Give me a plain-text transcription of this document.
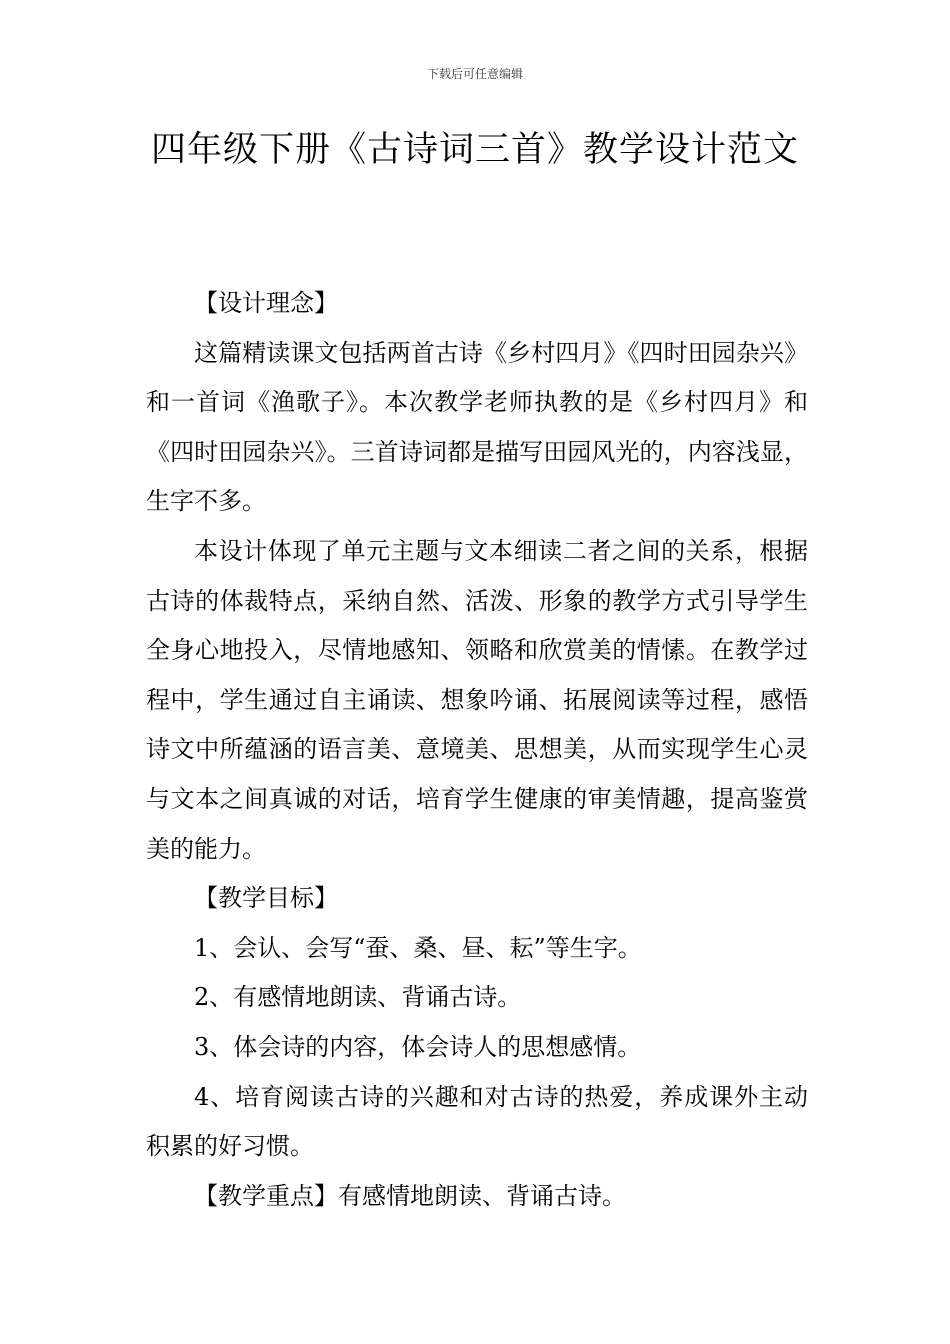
下载后可任意编辑
四年级下册《古诗词三首》教学设计范文

【设计理念】

这篇精读课文包括两首古诗《乡村四月》《四时田园杂兴》和一首词《渔歌子》。本次教学老师执教的是《乡村四月》和《四时田园杂兴》。三首诗词都是描写田园风光的，内容浅显，生字不多。

本设计体现了单元主题与文本细读二者之间的关系，根据古诗的体裁特点，采纳自然、活泼、形象的教学方式引导学生全身心地投入，尽情地感知、领略和欣赏美的情愫。在教学过程中，学生通过自主诵读、想象吟诵、拓展阅读等过程，感悟诗文中所蕴涵的语言美、意境美、思想美，从而实现学生心灵与文本之间真诚的对话，培育学生健康的审美情趣，提高鉴赏美的能力。

【教学目标】

1、会认、会写“蚕、桑、昼、耘”等生字。

2、有感情地朗读、背诵古诗。

3、体会诗的内容，体会诗人的思想感情。

4、培育阅读古诗的兴趣和对古诗的热爱，养成课外主动积累的好习惯。

【教学重点】有感情地朗读、背诵古诗。
